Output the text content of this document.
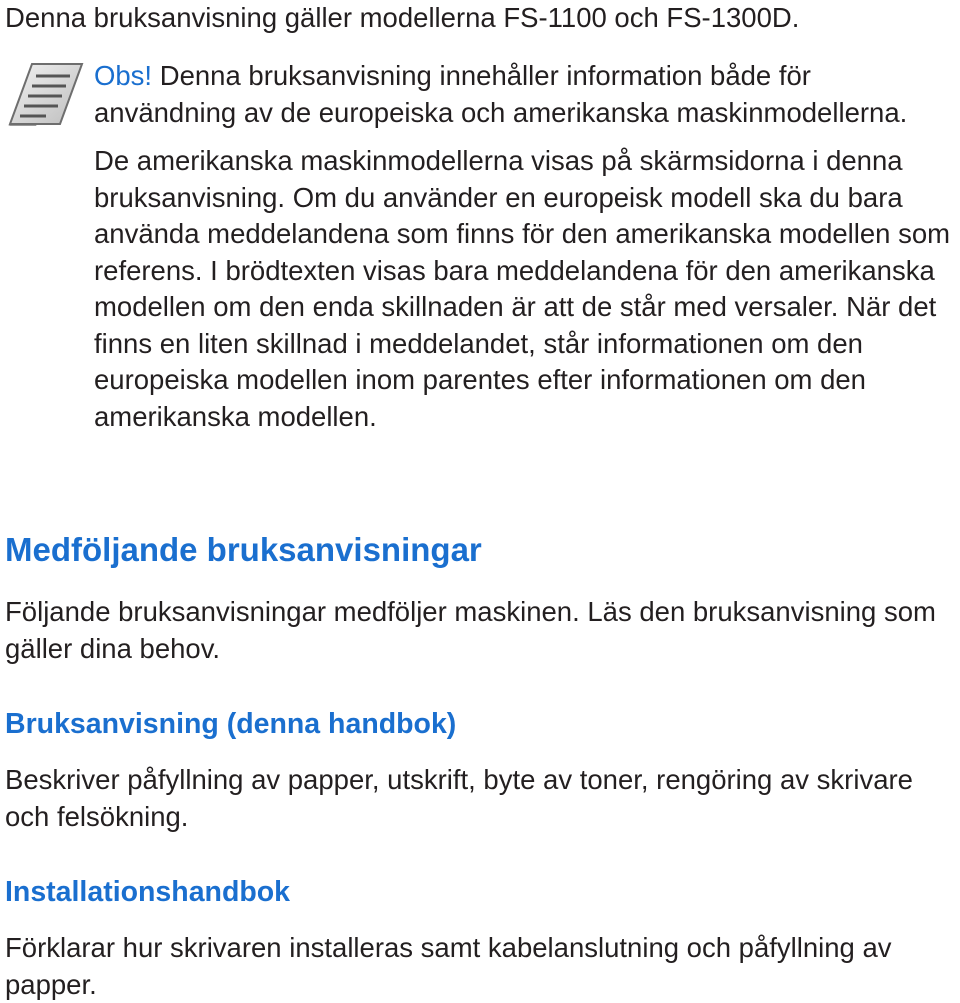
Denna bruksanvisning gäller modellerna FS-1100 och FS-1300D.

Obs! Denna bruksanvisning innehåller information både för användning av de europeiska och amerikanska maskinmodellerna.

De amerikanska maskinmodellerna visas på skärmsidorna i denna bruksanvisning. Om du använder en europeisk modell ska du bara använda meddelandena som finns för den amerikanska modellen som referens. I brödtexten visas bara meddelandena för den amerikanska modellen om den enda skillnaden är att de står med versaler. När det finns en liten skillnad i meddelandet, står informationen om den europeiska modellen inom parentes efter informationen om den amerikanska modellen.

Medföljande bruksanvisningar

Följande bruksanvisningar medföljer maskinen. Läs den bruksanvisning som gäller dina behov.

Bruksanvisning (denna handbok)

Beskriver påfyllning av papper, utskrift, byte av toner, rengöring av skrivare och felsökning.

Installationshandbok

Förklarar hur skrivaren installeras samt kabelanslutning och påfyllning av papper.
